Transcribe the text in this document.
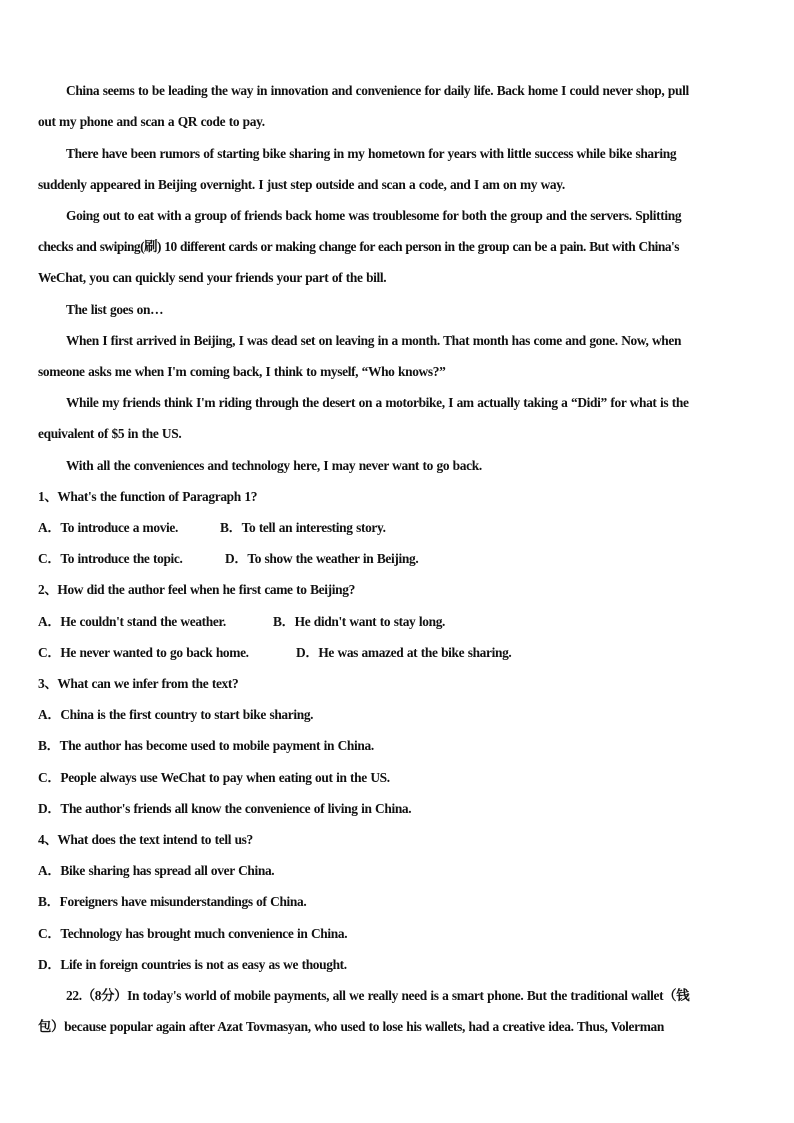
China seems to be leading the way in innovation and convenience for daily life. Back home I could never shop, pull
out my phone and scan a QR code to pay.
There have been rumors of starting bike sharing in my hometown for years with little success while bike sharing
suddenly appeared in Beijing overnight. I just step outside and scan a code, and I am on my way.
Going out to eat with a group of friends back home was troublesome for both the group and the servers. Splitting
checks and swiping(刷) 10 different cards or making change for each person in the group can be a pain. But with China's
WeChat, you can quickly send your friends your part of the bill.
The list goes on…
When I first arrived in Beijing, I was dead set on leaving in a month. That month has come and gone. Now, when
someone asks me when I'm coming back, I think to myself, “Who knows?”
While my friends think I'm riding through the desert on a motorbike, I am actually taking a “Didi” for what is the
equivalent of $5 in the US.
With all the conveniences and technology here, I may never want to go back.
1、What's the function of Paragraph 1?
A．To introduce a movie.	B．To tell an interesting story.
C．To introduce the topic.	D．To show the weather in Beijing.
2、How did the author feel when he first came to Beijing?
A．He couldn't stand the weather.	B．He didn't want to stay long.
C．He never wanted to go back home.	D．He was amazed at the bike sharing.
3、What can we infer from the text?
A．China is the first country to start bike sharing.
B．The author has become used to mobile payment in China.
C．People always use WeChat to pay when eating out in the US.
D．The author's friends all know the convenience of living in China.
4、What does the text intend to tell us?
A．Bike sharing has spread all over China.
B．Foreigners have misunderstandings of China.
C．Technology has brought much convenience in China.
D．Life in foreign countries is not as easy as we thought.
22.（8分）In today's world of mobile payments, all we really need is a smart phone. But the traditional wallet（钱
包）because popular again after Azat Tovmasyan, who used to lose his wallets, had a creative idea. Thus, Volerman
